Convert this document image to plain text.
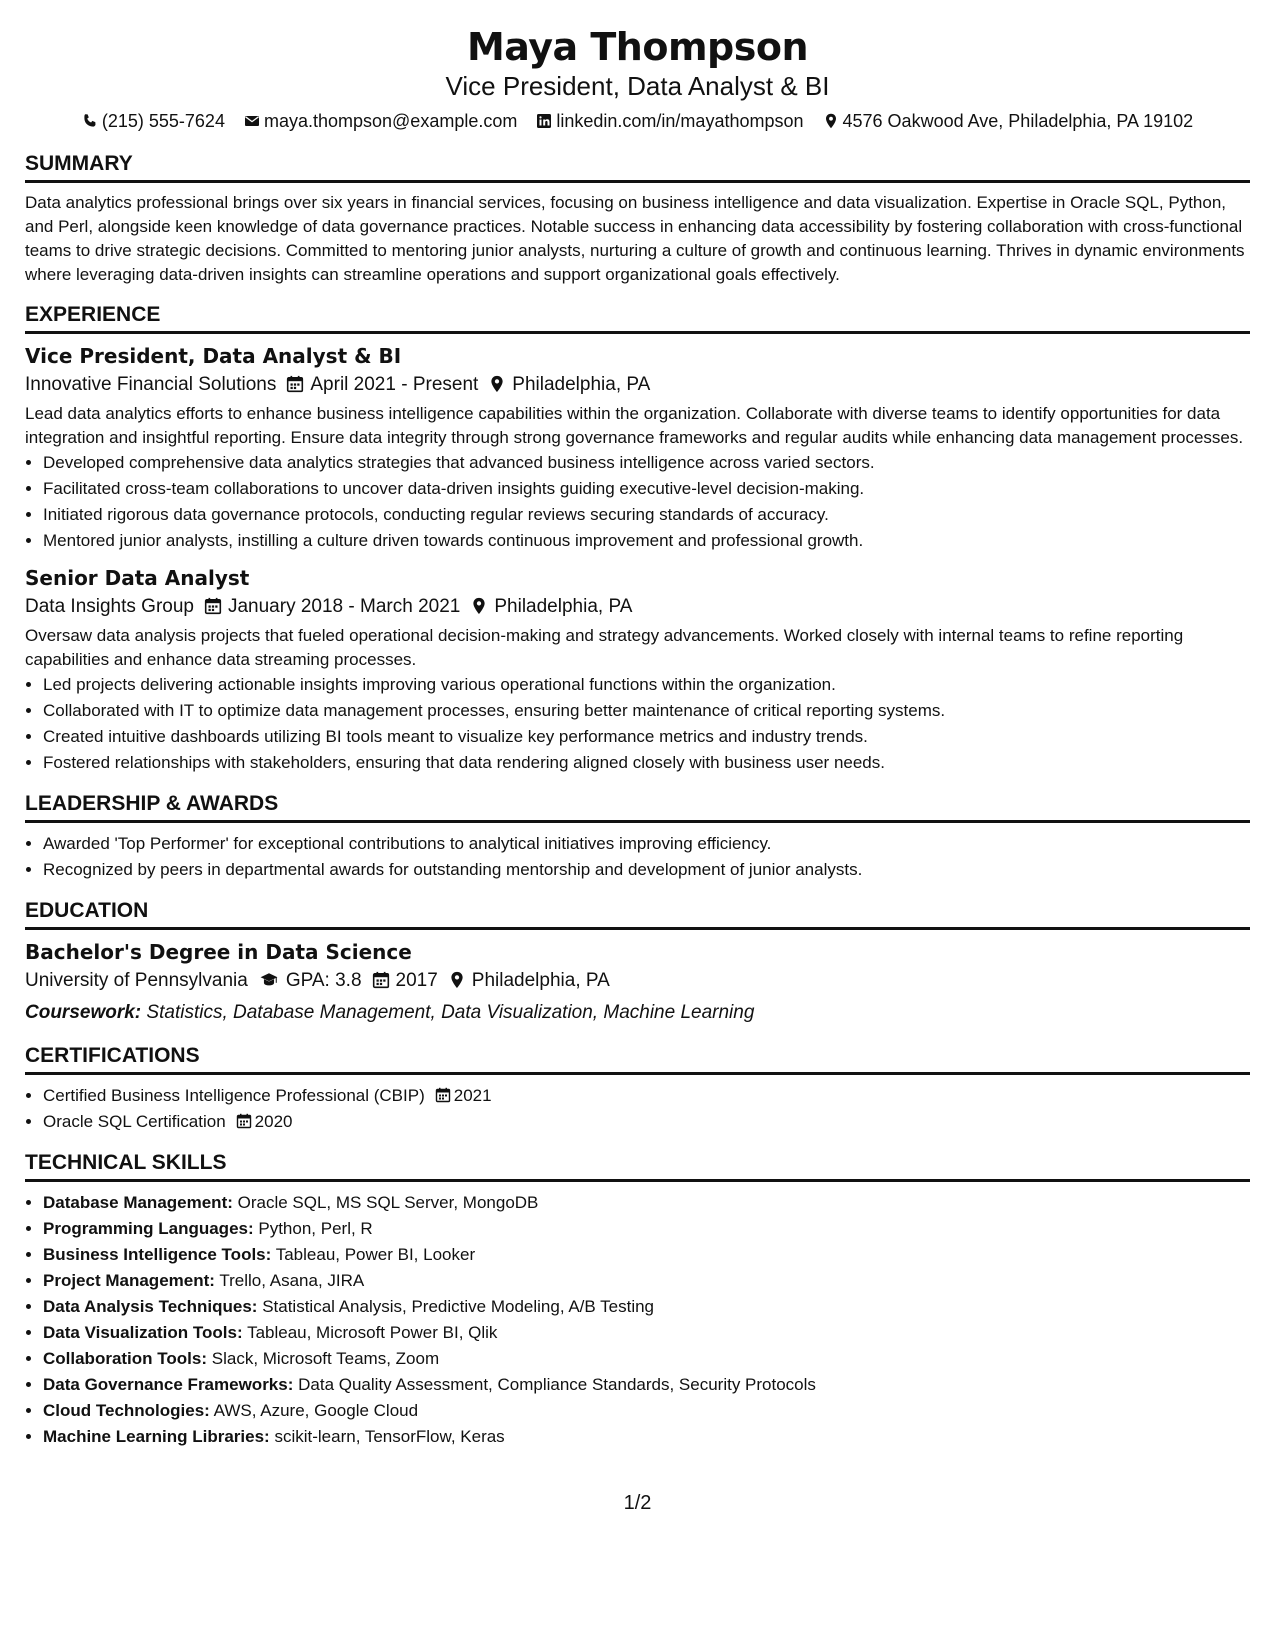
Maya Thompson
Vice President, Data Analyst & BI
(215) 555-7624 maya.thompson@example.com linkedin.com/in/mayathompson 4576 Oakwood Ave, Philadelphia, PA 19102
SUMMARY

Data analytics professional brings over six years in financial services, focusing on business intelligence and data visualization. Expertise in Oracle SQL, Python, and Perl, alongside keen knowledge of data governance practices. Notable success in enhancing data accessibility by fostering collaboration with cross-functional teams to drive strategic decisions. Committed to mentoring junior analysts, nurturing a culture of growth and continuous learning. Thrives in dynamic environments where leveraging data-driven insights can streamline operations and support organizational goals effectively.

EXPERIENCE
Vice President, Data Analyst & BI
Innovative Financial Solutions April 2021 - Present Philadelphia, PA

Lead data analytics efforts to enhance business intelligence capabilities within the organization. Collaborate with diverse teams to identify opportunities for data integration and insightful reporting. Ensure data integrity through strong governance frameworks and regular audits while enhancing data management processes.

• Developed comprehensive data analytics strategies that advanced business intelligence across varied sectors.
• Facilitated cross-team collaborations to uncover data-driven insights guiding executive-level decision-making.
• Initiated rigorous data governance protocols, conducting regular reviews securing standards of accuracy.
• Mentored junior analysts, instilling a culture driven towards continuous improvement and professional growth.
Senior Data Analyst
Data Insights Group January 2018 - March 2021 Philadelphia, PA

Oversaw data analysis projects that fueled operational decision-making and strategy advancements. Worked closely with internal teams to refine reporting capabilities and enhance data streaming processes.

• Led projects delivering actionable insights improving various operational functions within the organization.
• Collaborated with IT to optimize data management processes, ensuring better maintenance of critical reporting systems.
• Created intuitive dashboards utilizing BI tools meant to visualize key performance metrics and industry trends.
• Fostered relationships with stakeholders, ensuring that data rendering aligned closely with business user needs.
LEADERSHIP & AWARDS
• Awarded 'Top Performer' for exceptional contributions to analytical initiatives improving efficiency.
• Recognized by peers in departmental awards for outstanding mentorship and development of junior analysts.
EDUCATION
Bachelor's Degree in Data Science
University of Pennsylvania GPA: 3.8 2017 Philadelphia, PA
Coursework: Statistics, Database Management, Data Visualization, Machine Learning
CERTIFICATIONS
• Certified Business Intelligence Professional (CBIP) 2021
• Oracle SQL Certification 2020
TECHNICAL SKILLS
• Database Management: Oracle SQL, MS SQL Server, MongoDB
• Programming Languages: Python, Perl, R
• Business Intelligence Tools: Tableau, Power BI, Looker
• Project Management: Trello, Asana, JIRA
• Data Analysis Techniques: Statistical Analysis, Predictive Modeling, A/B Testing
• Data Visualization Tools: Tableau, Microsoft Power BI, Qlik
• Collaboration Tools: Slack, Microsoft Teams, Zoom
• Data Governance Frameworks: Data Quality Assessment, Compliance Standards, Security Protocols
• Cloud Technologies: AWS, Azure, Google Cloud
• Machine Learning Libraries: scikit-learn, TensorFlow, Keras
1/2
